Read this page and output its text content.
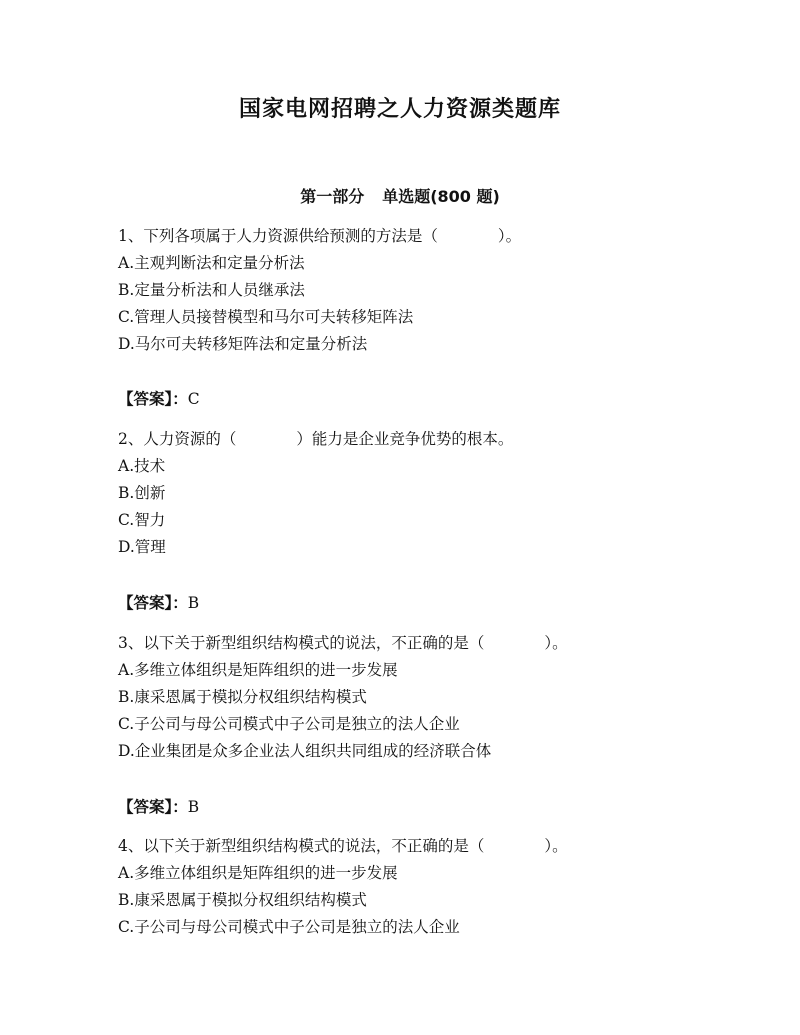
国家电网招聘之人力资源类题库
第一部分 单选题(800 题)
1、下列各项属于人力资源供给预测的方法是（	）。
A.主观判断法和定量分析法
B.定量分析法和人员继承法
C.管理人员接替模型和马尔可夫转移矩阵法
D.马尔可夫转移矩阵法和定量分析法
【答案】：C
2、人力资源的（	）能力是企业竞争优势的根本。
A.技术
B.创新
C.智力
D.管理
【答案】：B
3、以下关于新型组织结构模式的说法，不正确的是（	）。
A.多维立体组织是矩阵组织的进一步发展
B.康采恩属于模拟分权组织结构模式
C.子公司与母公司模式中子公司是独立的法人企业
D.企业集团是众多企业法人组织共同组成的经济联合体
【答案】：B
4、以下关于新型组织结构模式的说法，不正确的是（	）。
A.多维立体组织是矩阵组织的进一步发展
B.康采恩属于模拟分权组织结构模式
C.子公司与母公司模式中子公司是独立的法人企业
